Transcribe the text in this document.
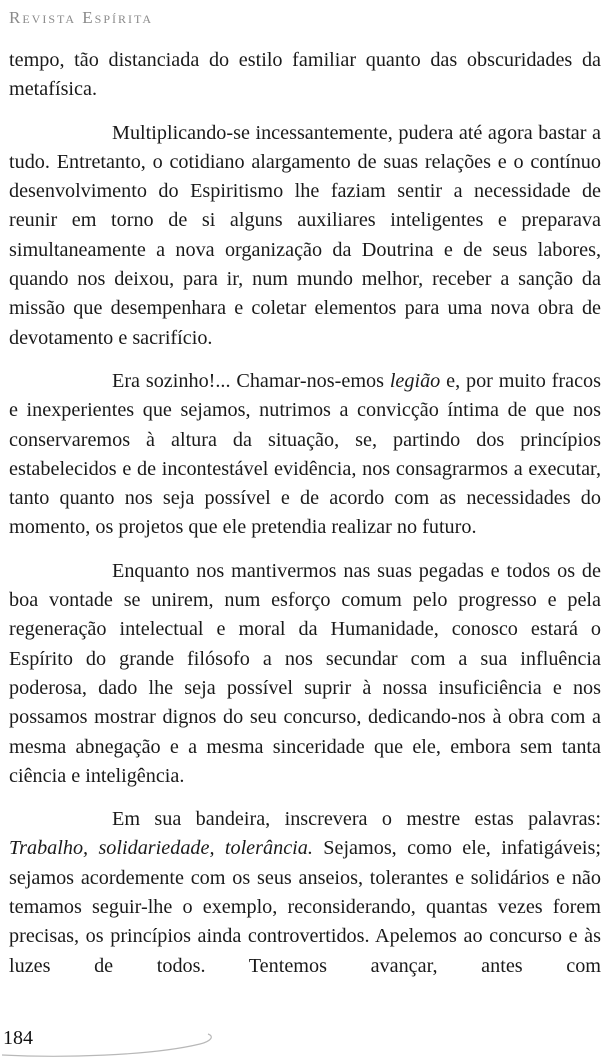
Revista Espírita

tempo, tão distanciada do estilo familiar quanto das obscuridades da metafísica.

Multiplicando-se incessantemente, pudera até agora bastar a tudo. Entretanto, o cotidiano alargamento de suas relações e o contínuo desenvolvimento do Espiritismo lhe faziam sentir a necessidade de reunir em torno de si alguns auxiliares inteligentes e preparava simultaneamente a nova organização da Doutrina e de seus labores, quando nos deixou, para ir, num mundo melhor, receber a sanção da missão que desempenhara e coletar elementos para uma nova obra de devotamento e sacrifício.

Era sozinho!... Chamar-nos-emos legião e, por muito fracos e inexperientes que sejamos, nutrimos a convicção íntima de que nos conservaremos à altura da situação, se, partindo dos princípios estabelecidos e de incontestável evidência, nos consagrarmos a executar, tanto quanto nos seja possível e de acordo com as necessidades do momento, os projetos que ele pretendia realizar no futuro.

Enquanto nos mantivermos nas suas pegadas e todos os de boa vontade se unirem, num esforço comum pelo progresso e pela regeneração intelectual e moral da Humanidade, conosco estará o Espírito do grande filósofo a nos secundar com a sua influência poderosa, dado lhe seja possível suprir à nossa insuficiência e nos possamos mostrar dignos do seu concurso, dedicando-nos à obra com a mesma abnegação e a mesma sinceridade que ele, embora sem tanta ciência e inteligência.

Em sua bandeira, inscrevera o mestre estas palavras: Trabalho, solidariedade, tolerância. Sejamos, como ele, infatigáveis; sejamos acordemente com os seus anseios, tolerantes e solidários e não temamos seguir-lhe o exemplo, reconsiderando, quantas vezes forem precisas, os princípios ainda controvertidos. Apelemos ao concurso e às luzes de todos. Tentemos avançar, antes com

184
